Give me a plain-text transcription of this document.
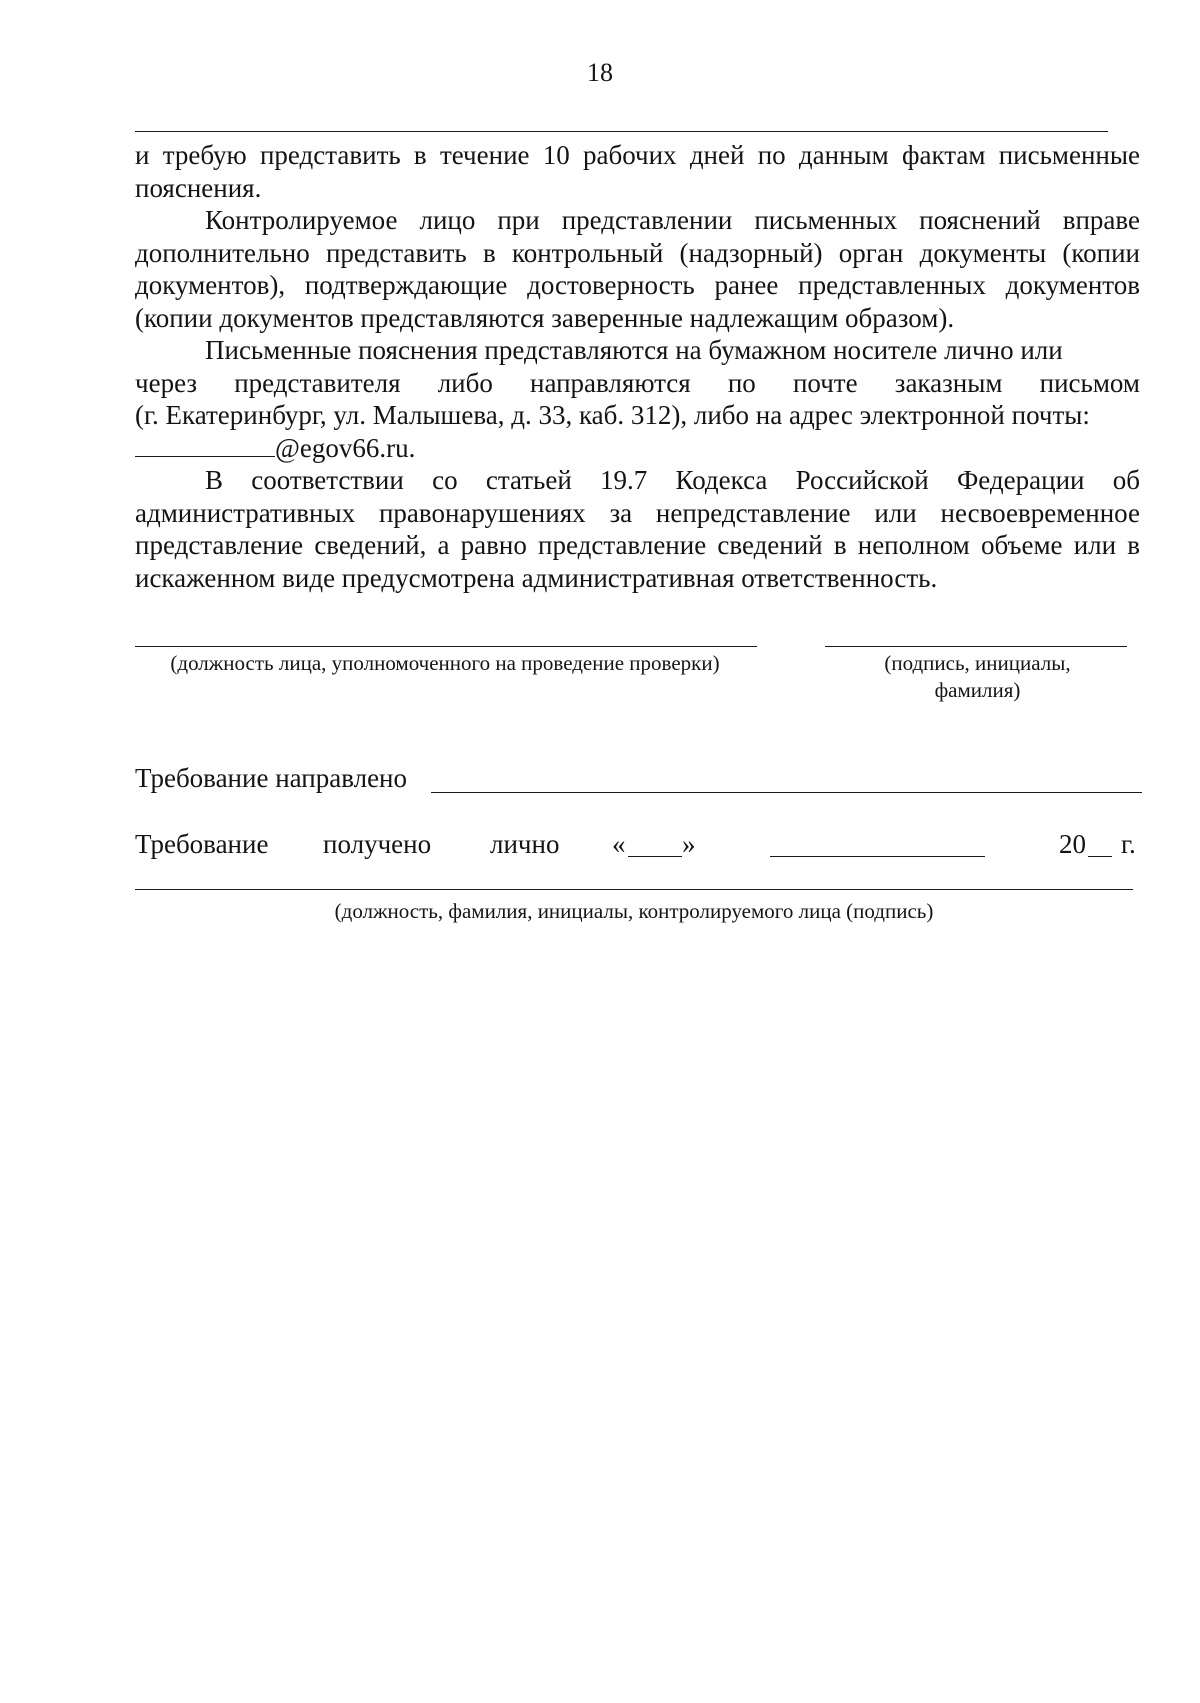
18

и требую представить в течение 10 рабочих дней по данным фактам письменные пояснения.

Контролируемое лицо при представлении письменных пояснений вправе дополнительно представить в контрольный (надзорный) орган документы (копии документов), подтверждающие достоверность ранее представленных документов (копии документов представляются заверенные надлежащим образом).

Письменные пояснения представляются на бумажном носителе лично или

через представителя либо направляются по почте заказным письмом

(г. Екатеринбург, ул. Малышева, д. 33, каб. 312), либо на адрес электронной почты:

@egov66.ru.

В соответствии со статьей 19.7 Кодекса Российской Федерации об административных правонарушениях за непредставление или несвоевременное представление сведений, а равно представление сведений в неполном объеме или в искаженном виде предусмотрена административная ответственность.

(должность лица, уполномоченного на проведение проверки)	(подпись, инициалы, фамилия)
Требование направлено
Требование получено лично « »	20 г.
(должность, фамилия, инициалы, контролируемого лица (подпись)
